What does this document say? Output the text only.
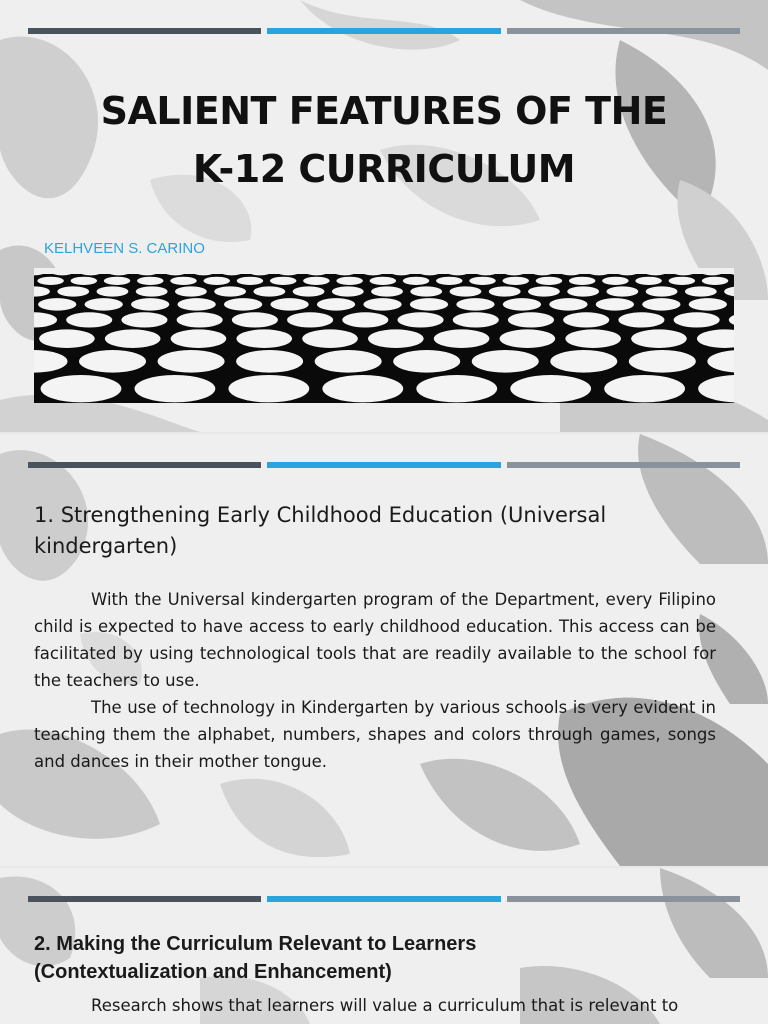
SALIENT FEATURES OF THE
K-12 CURRICULUM
KELHVEEN S. CARINO
1. Strengthening Early Childhood Education (Universal
kindergarten)

With the Universal kindergarten program of the Department, every Filipino child is expected to have access to early childhood education. This access can be facilitated by using technological tools that are readily available to the school for the teachers to use.

The use of technology in Kindergarten by various schools is very evident in teaching them the alphabet, numbers, shapes and colors through games, songs and dances in their mother tongue.

2. Making the Curriculum Relevant to Learners
(Contextualization and Enhancement)

Research shows that learners will value a curriculum that is relevant to
